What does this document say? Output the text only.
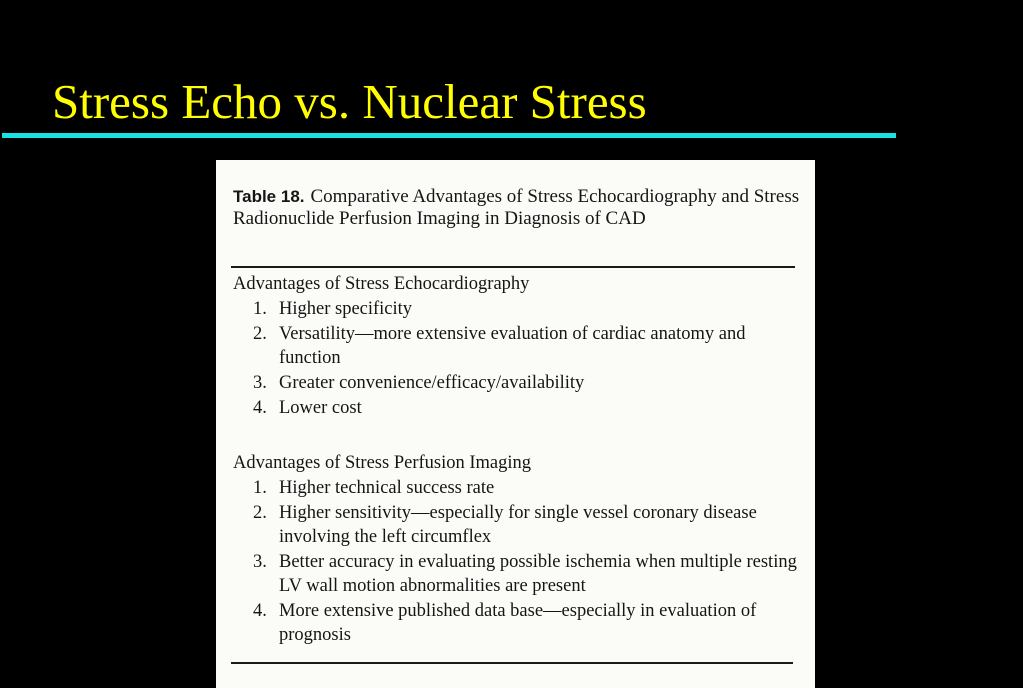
Stress Echo vs. Nuclear Stress
Table 18. Comparative Advantages of Stress Echocardiography and Stress Radionuclide Perfusion Imaging in Diagnosis of CAD

Advantages of Stress Echocardiography

1. Higher specificity
2. Versatility—more extensive evaluation of cardiac anatomy and function
3. Greater convenience/efficacy/availability
4. Lower cost

Advantages of Stress Perfusion Imaging

1. Higher technical success rate
2. Higher sensitivity—especially for single vessel coronary disease involving the left circumflex
3. Better accuracy in evaluating possible ischemia when multiple resting LV wall motion abnormalities are present
4. More extensive published data base—especially in evaluation of prognosis
